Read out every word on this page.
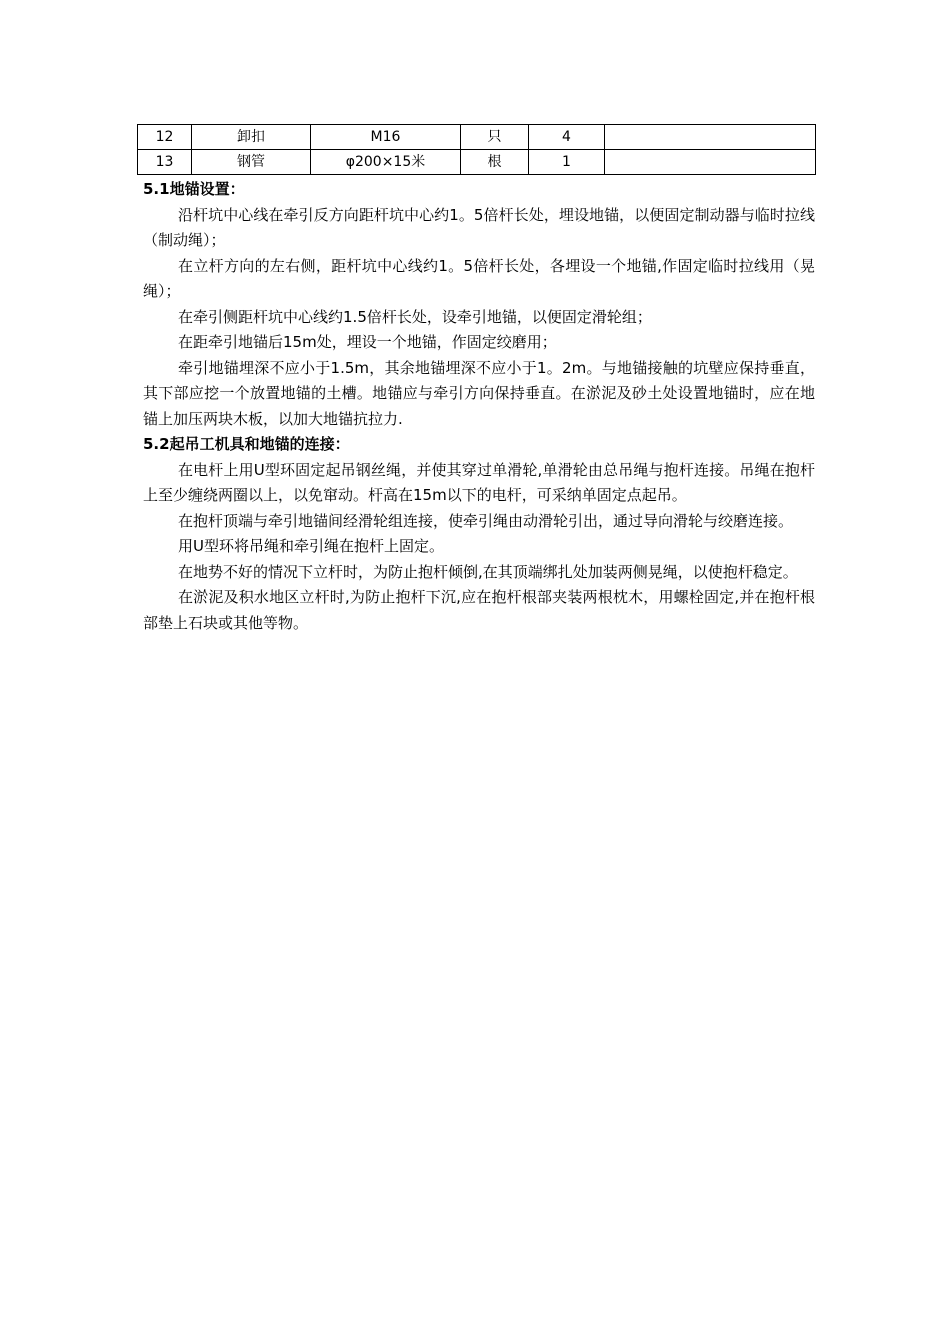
12	卸扣	M16	只	4	
13	钢管	φ200×15米	根	1	

5.1地锚设置：

沿杆坑中心线在牵引反方向距杆坑中心约1。5倍杆长处，埋设地锚，以便固定制动器与临时拉线（制动绳）；

在立杆方向的左右侧，距杆坑中心线约1。5倍杆长处，各埋设一个地锚,作固定临时拉线用（晃绳）；

在牵引侧距杆坑中心线约1.5倍杆长处，设牵引地锚，以便固定滑轮组；

在距牵引地锚后15m处，埋设一个地锚，作固定绞磨用；

牵引地锚埋深不应小于1.5m，其余地锚埋深不应小于1。2m。与地锚接触的坑壁应保持垂直，其下部应挖一个放置地锚的土槽。地锚应与牵引方向保持垂直。在淤泥及砂土处设置地锚时，应在地锚上加压两块木板，以加大地锚抗拉力.

5.2起吊工机具和地锚的连接：

在电杆上用U型环固定起吊钢丝绳，并使其穿过单滑轮,单滑轮由总吊绳与抱杆连接。吊绳在抱杆上至少缠绕两圈以上，以免窜动。杆高在15m以下的电杆，可采纳单固定点起吊。

在抱杆顶端与牵引地锚间经滑轮组连接，使牵引绳由动滑轮引出，通过导向滑轮与绞磨连接。

用U型环将吊绳和牵引绳在抱杆上固定。

在地势不好的情况下立杆时，为防止抱杆倾倒,在其顶端绑扎处加装两侧晃绳，以使抱杆稳定。

在淤泥及积水地区立杆时,为防止抱杆下沉,应在抱杆根部夹装两根枕木，用螺栓固定,并在抱杆根部垫上石块或其他等物。
